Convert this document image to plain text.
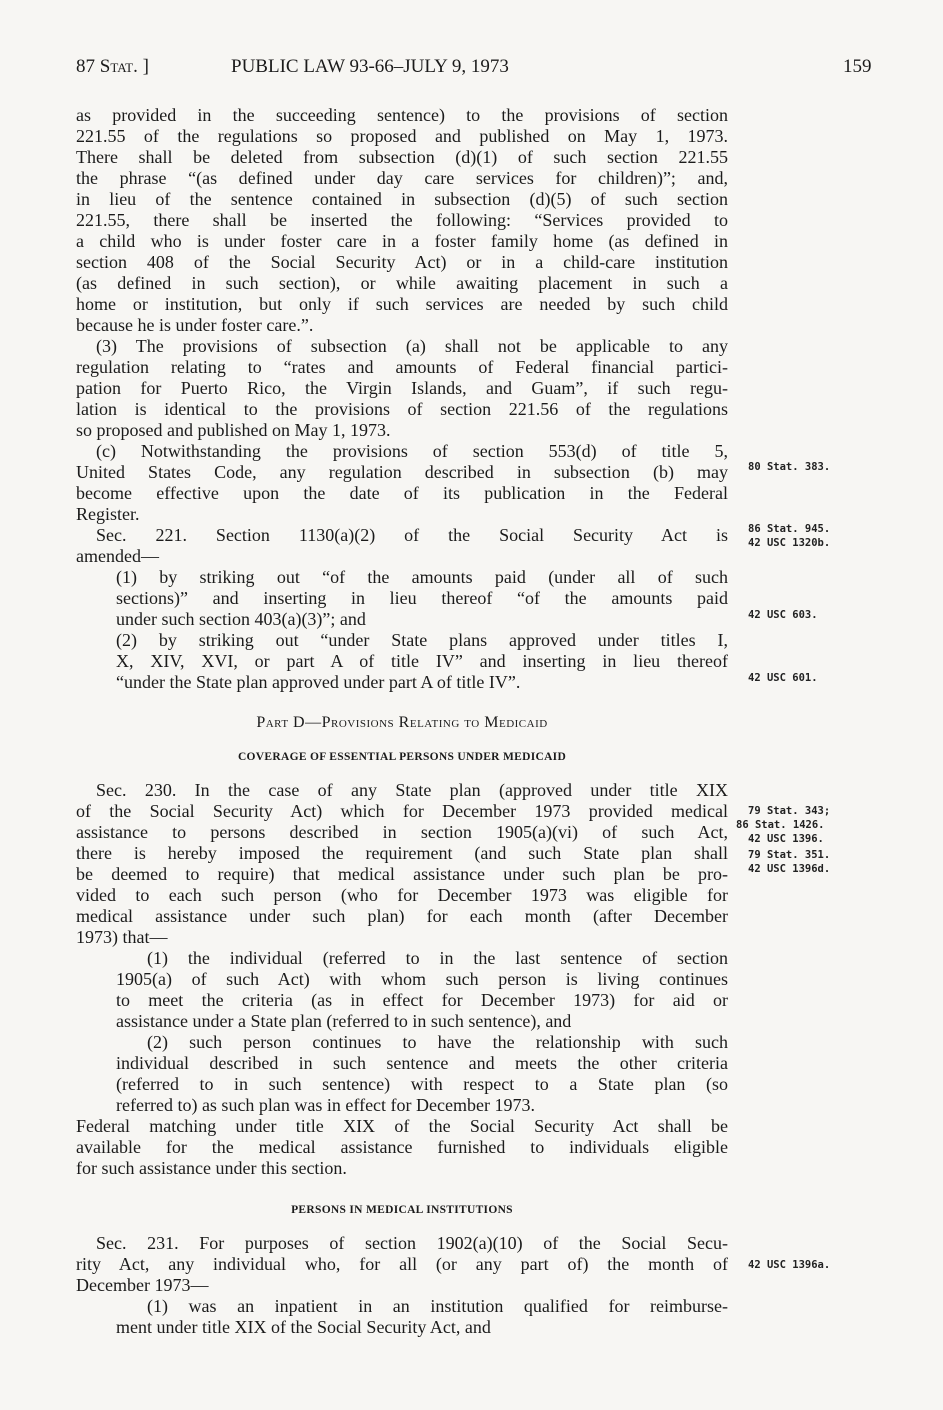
87 Stat. ]	PUBLIC LAW 93-66–JULY 9, 1973	159
as provided in the succeeding sentence) to the provisions of section
221.55 of the regulations so proposed and published on May 1, 1973.
There shall be deleted from subsection (d)(1) of such section 221.55
the phrase “(as defined under day care services for children)”; and,
in lieu of the sentence contained in subsection (d)(5) of such section
221.55, there shall be inserted the following: “Services provided to
a child who is under foster care in a foster family home (as defined in
section 408 of the Social Security Act) or in a child-care institution
(as defined in such section), or while awaiting placement in such a
home or institution, but only if such services are needed by such child
because he is under foster care.”.
(3) The provisions of subsection (a) shall not be applicable to any
regulation relating to “rates and amounts of Federal financial partici-
pation for Puerto Rico, the Virgin Islands, and Guam”, if such regu-
lation is identical to the provisions of section 221.56 of the regulations
so proposed and published on May 1, 1973.
(c) Notwithstanding the provisions of section 553(d) of title 5,
United States Code, any regulation described in subsection (b) may
become effective upon the date of its publication in the Federal
Register.
Sec. 221. Section 1130(a)(2) of the Social Security Act is
amended—
(1) by striking out “of the amounts paid (under all of such
sections)” and inserting in lieu thereof “of the amounts paid
under such section 403(a)(3)”; and
(2) by striking out “under State plans approved under titles I,
X, XIV, XVI, or part A of title IV” and inserting in lieu thereof
“under the State plan approved under part A of title IV”.
Part D—Provisions Relating to Medicaid
COVERAGE OF ESSENTIAL PERSONS UNDER MEDICAID
Sec. 230. In the case of any State plan (approved under title XIX
of the Social Security Act) which for December 1973 provided medical
assistance to persons described in section 1905(a)(vi) of such Act,
there is hereby imposed the requirement (and such State plan shall
be deemed to require) that medical assistance under such plan be pro-
vided to each such person (who for December 1973 was eligible for
medical assistance under such plan) for each month (after December
1973) that—
(1) the individual (referred to in the last sentence of section
1905(a) of such Act) with whom such person is living continues
to meet the criteria (as in effect for December 1973) for aid or
assistance under a State plan (referred to in such sentence), and
(2) such person continues to have the relationship with such
individual described in such sentence and meets the other criteria
(referred to in such sentence) with respect to a State plan (so
referred to) as such plan was in effect for December 1973.
Federal matching under title XIX of the Social Security Act shall be
available for the medical assistance furnished to individuals eligible
for such assistance under this section.
PERSONS IN MEDICAL INSTITUTIONS
Sec. 231. For purposes of section 1902(a)(10) of the Social Secu-
rity Act, any individual who, for all (or any part of) the month of
December 1973—
(1) was an inpatient in an institution qualified for reimburse-
ment under title XIX of the Social Security Act, and
80 Stat. 383.
86 Stat. 945.
42 USC 1320b.
42 USC 603.
42 USC 601.
79 Stat. 343;
86 Stat. 1426.
42 USC 1396.
79 Stat. 351.
42 USC 1396d.
42 USC 1396a.
